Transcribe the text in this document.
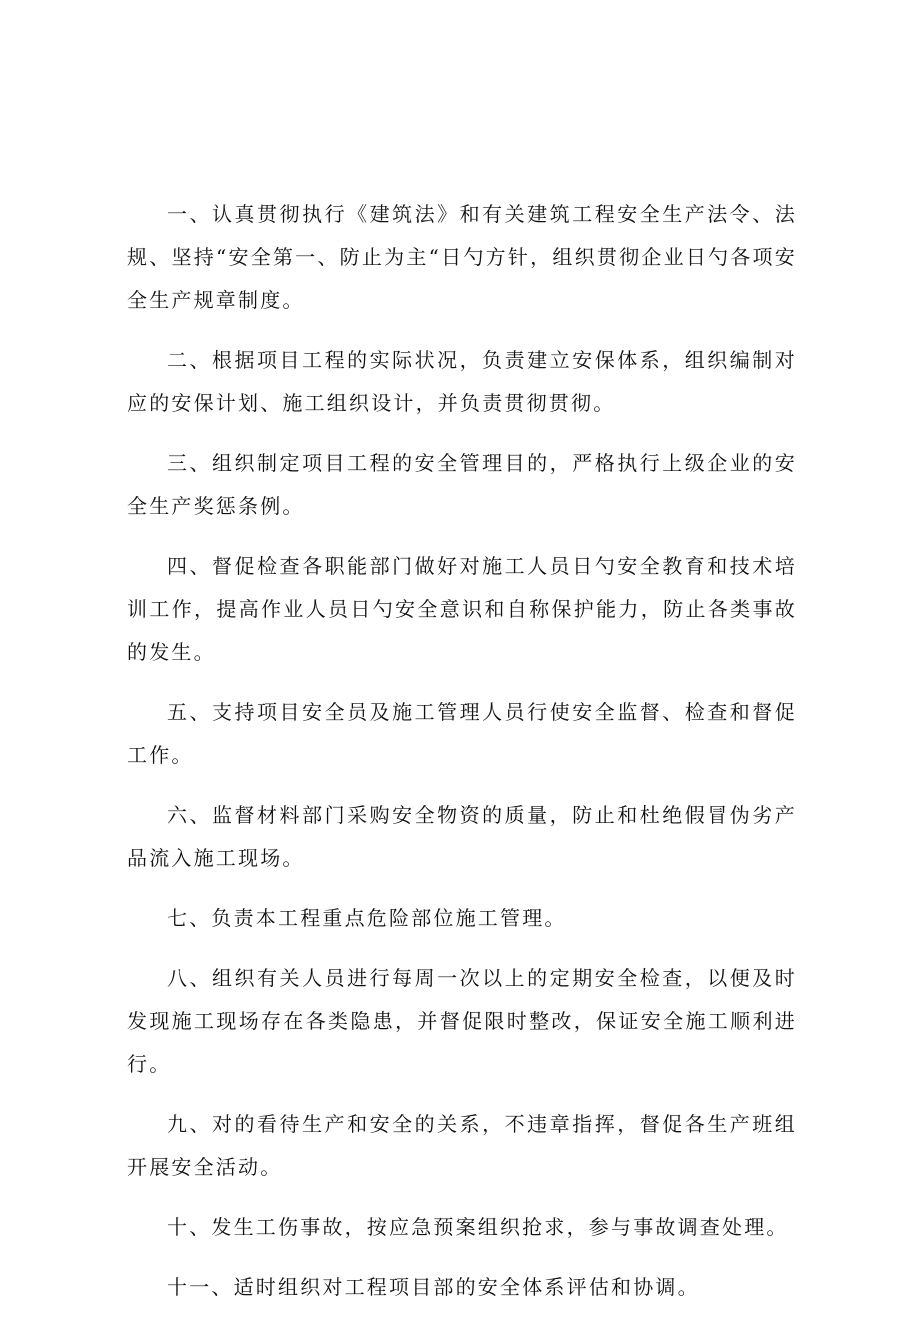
一、认真贯彻执行《建筑法》和有关建筑工程安全生产法令、法规、坚持“安全第一、防止为主“日勺方针，组织贯彻企业日勺各项安全生产规章制度。

二、根据项目工程的实际状况，负责建立安保体系，组织编制对应的安保计划、施工组织设计，并负责贯彻贯彻。

三、组织制定项目工程的安全管理目的，严格执行上级企业的安全生产奖惩条例。

四、督促检查各职能部门做好对施工人员日勺安全教育和技术培训工作，提高作业人员日勺安全意识和自称保护能力，防止各类事故的发生。

五、支持项目安全员及施工管理人员行使安全监督、检查和督促工作。

六、监督材料部门采购安全物资的质量，防止和杜绝假冒伪劣产品流入施工现场。

七、负责本工程重点危险部位施工管理。

八、组织有关人员进行每周一次以上的定期安全检查，以便及时发现施工现场存在各类隐患，并督促限时整改，保证安全施工顺利进行。

九、对的看待生产和安全的关系，不违章指挥，督促各生产班组开展安全活动。

十、发生工伤事故，按应急预案组织抢求，参与事故调查处理。

十一、适时组织对工程项目部的安全体系评估和协调。
